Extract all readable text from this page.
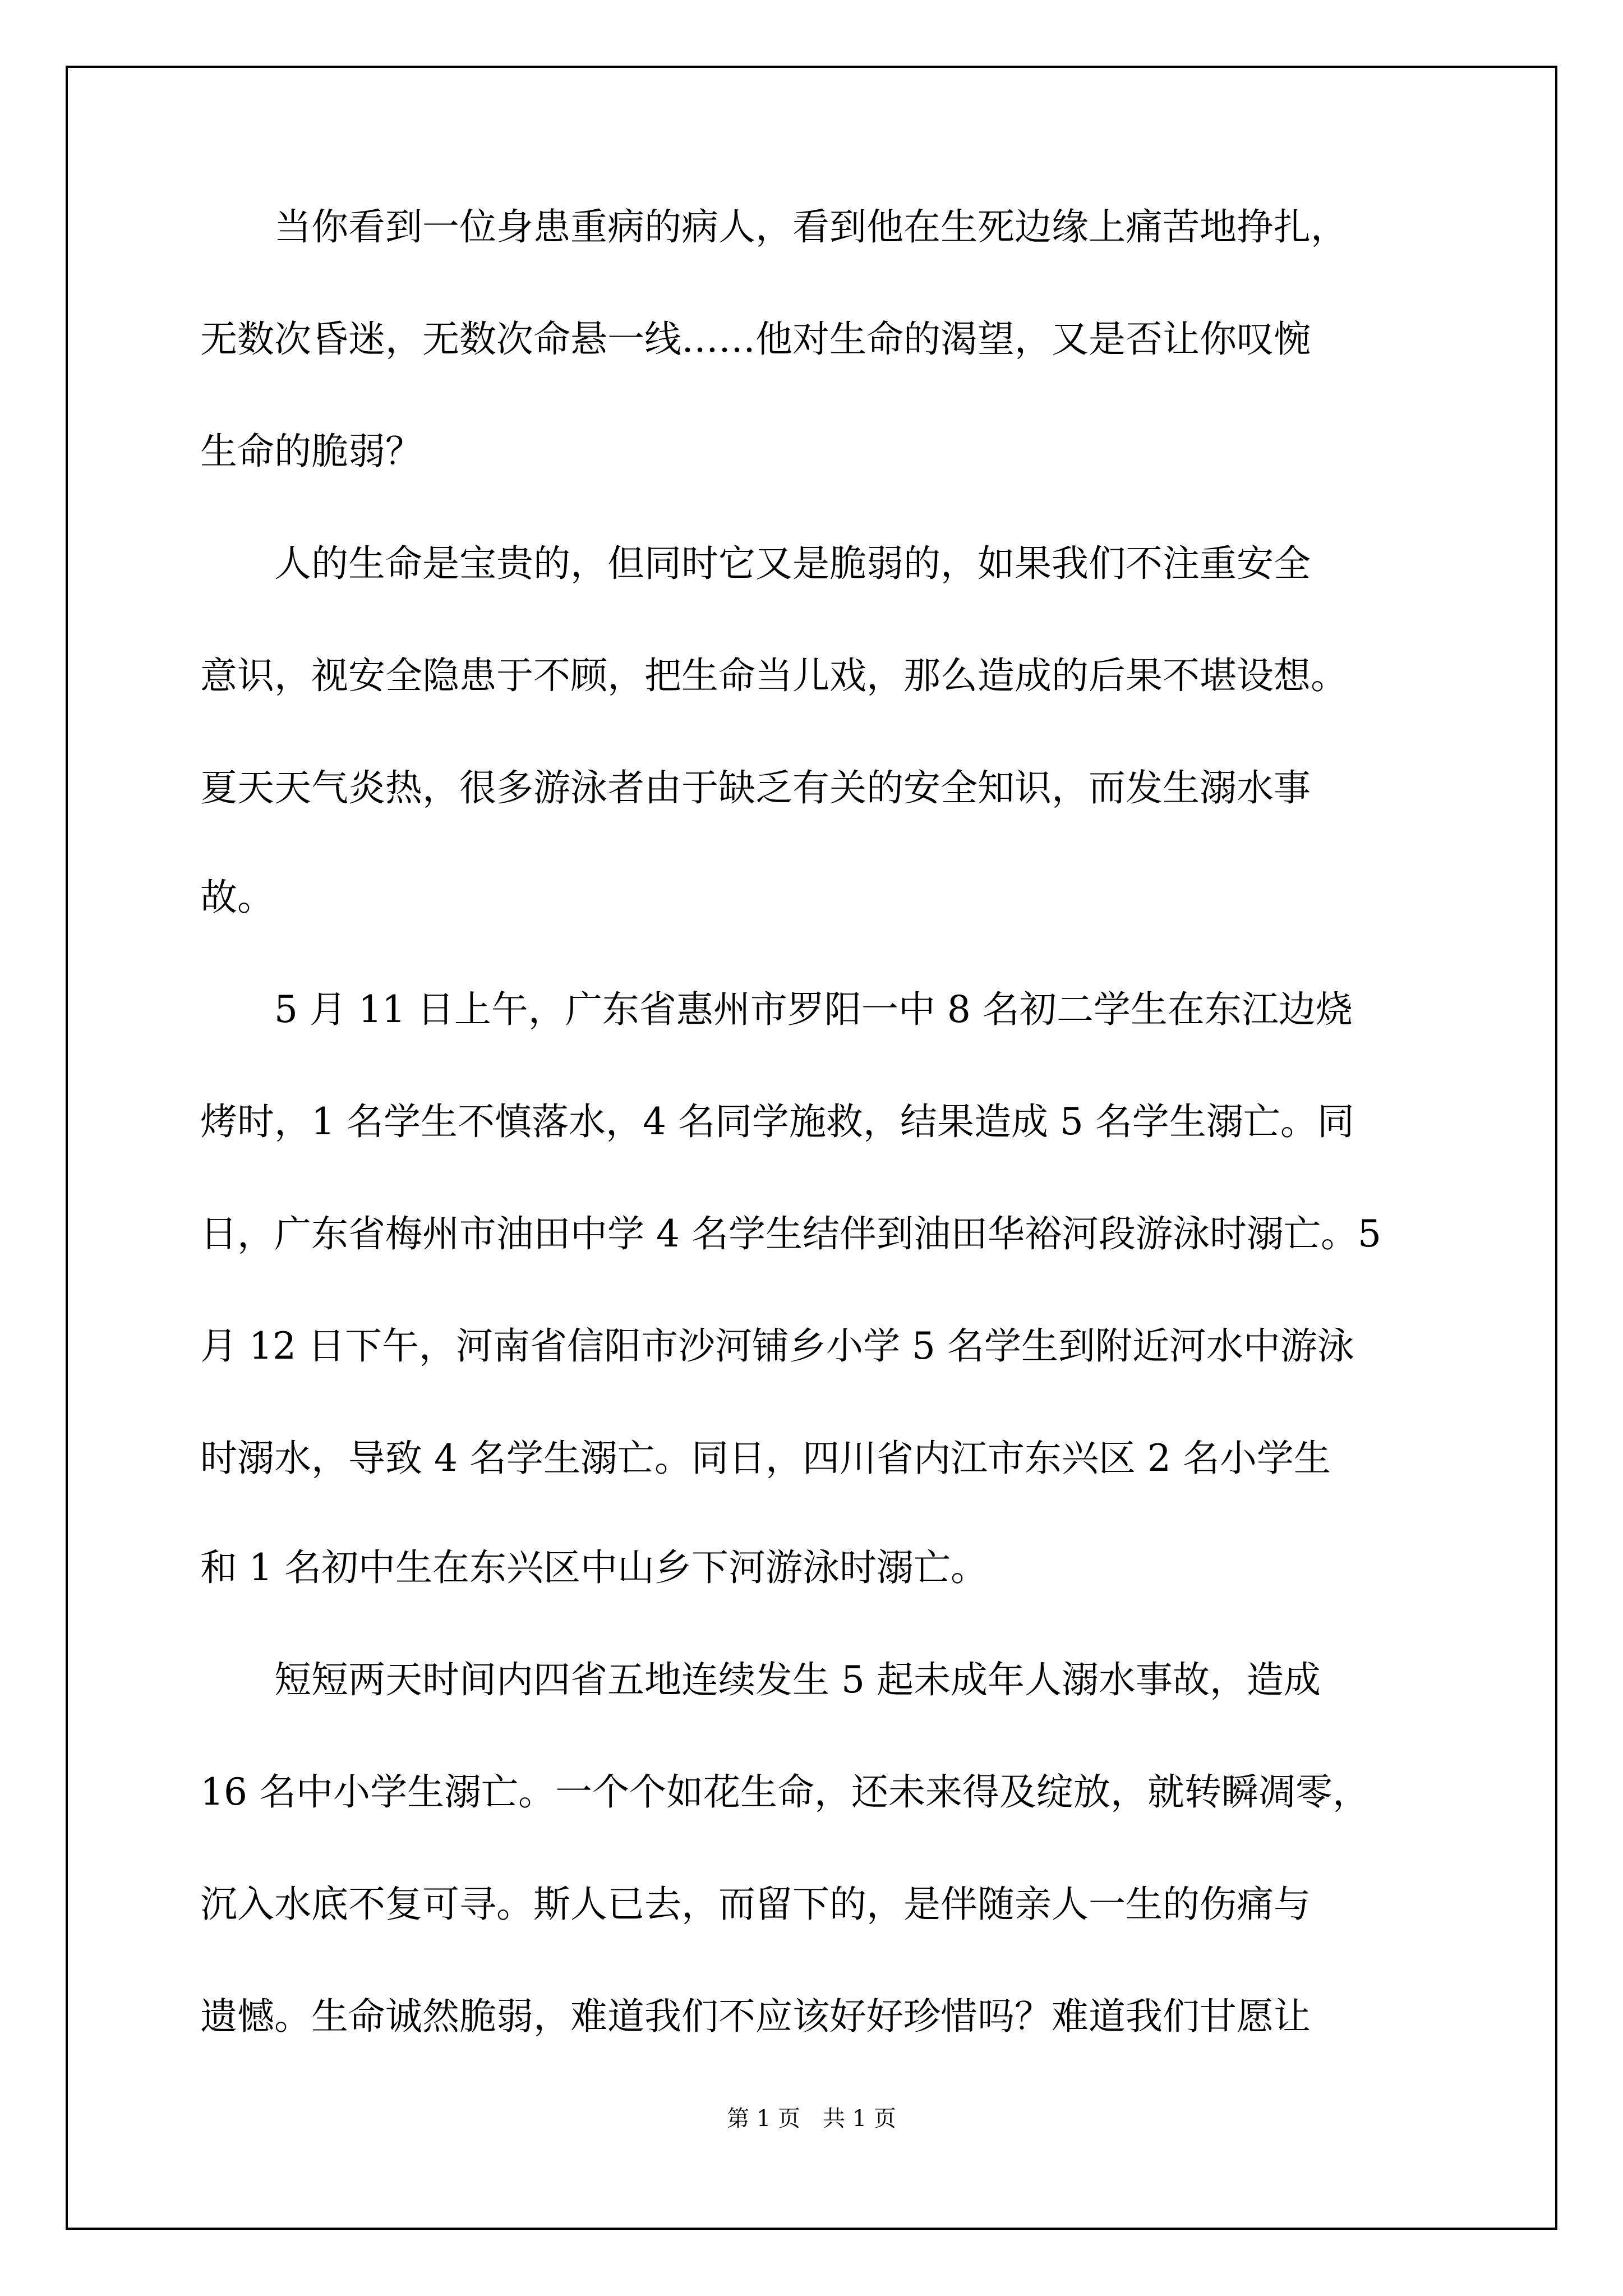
　　当你看到一位身患重病的病人，看到他在生死边缘上痛苦地挣扎，
无数次昏迷，无数次命悬一线……他对生命的渴望，又是否让你叹惋
生命的脆弱？
　　人的生命是宝贵的，但同时它又是脆弱的，如果我们不注重安全
意识，视安全隐患于不顾，把生命当儿戏，那么造成的后果不堪设想。
夏天天气炎热，很多游泳者由于缺乏有关的安全知识，而发生溺水事
故。
　　5 月 11 日上午，广东省惠州市罗阳一中 8 名初二学生在东江边烧
烤时，1 名学生不慎落水，4 名同学施救，结果造成 5 名学生溺亡。同
日，广东省梅州市油田中学 4 名学生结伴到油田华裕河段游泳时溺亡。5
月 12 日下午，河南省信阳市沙河铺乡小学 5 名学生到附近河水中游泳
时溺水，导致 4 名学生溺亡。同日，四川省内江市东兴区 2 名小学生
和 1 名初中生在东兴区中山乡下河游泳时溺亡。
　　短短两天时间内四省五地连续发生 5 起未成年人溺水事故，造成
16 名中小学生溺亡。一个个如花生命，还未来得及绽放，就转瞬凋零，
沉入水底不复可寻。斯人已去，而留下的，是伴随亲人一生的伤痛与
遗憾。生命诚然脆弱，难道我们不应该好好珍惜吗？难道我们甘愿让
第 1 页　 共 1 页
